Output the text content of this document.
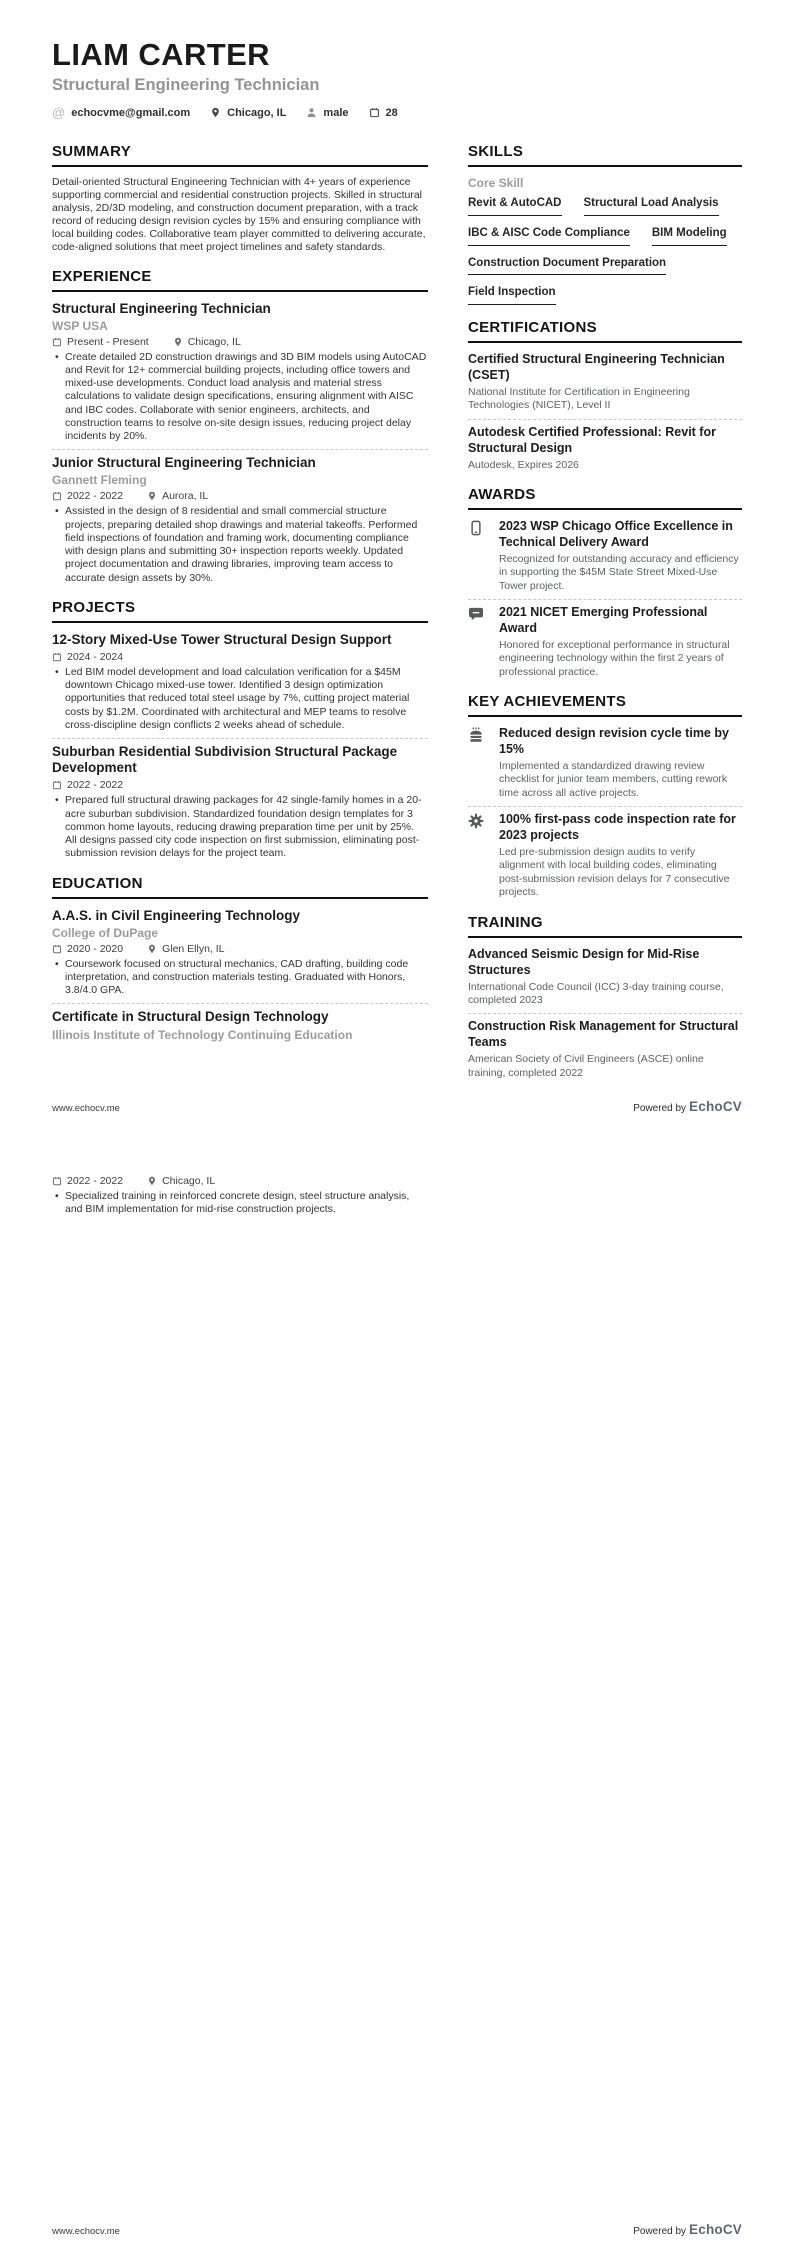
LIAM CARTER
Structural Engineering Technician
@ echocvme@gmail.com	Chicago, IL	male	28
SUMMARY

Detail-oriented Structural Engineering Technician with 4+ years of experience supporting commercial and residential construction projects. Skilled in structural analysis, 2D/3D modeling, and construction document preparation, with a track record of reducing design revision cycles by 15% and ensuring compliance with local building codes. Collaborative team player committed to delivering accurate, code-aligned solutions that meet project timelines and safety standards.

EXPERIENCE
Structural Engineering Technician
WSP USA
Present - Present	Chicago, IL
• Create detailed 2D construction drawings and 3D BIM models using AutoCAD and Revit for 12+ commercial building projects, including office towers and mixed-use developments. Conduct load analysis and material stress calculations to validate design specifications, ensuring alignment with AISC and IBC codes. Collaborate with senior engineers, architects, and construction teams to resolve on-site design issues, reducing project delay incidents by 20%.
Junior Structural Engineering Technician
Gannett Fleming
2022 - 2022	Aurora, IL
• Assisted in the design of 8 residential and small commercial structure projects, preparing detailed shop drawings and material takeoffs. Performed field inspections of foundation and framing work, documenting compliance with design plans and submitting 30+ inspection reports weekly. Updated project documentation and drawing libraries, improving team access to accurate design assets by 30%.
PROJECTS
12-Story Mixed-Use Tower Structural Design Support
2024 - 2024
• Led BIM model development and load calculation verification for a $45M downtown Chicago mixed-use tower. Identified 3 design optimization opportunities that reduced total steel usage by 7%, cutting project material costs by $1.2M. Coordinated with architectural and MEP teams to resolve cross-discipline design conflicts 2 weeks ahead of schedule.
Suburban Residential Subdivision Structural Package Development
2022 - 2022
• Prepared full structural drawing packages for 42 single-family homes in a 20-acre suburban subdivision. Standardized foundation design templates for 3 common home layouts, reducing drawing preparation time per unit by 25%. All designs passed city code inspection on first submission, eliminating post-submission revision delays for the project team.
EDUCATION
A.A.S. in Civil Engineering Technology
College of DuPage
2020 - 2020	Glen Ellyn, IL
• Coursework focused on structural mechanics, CAD drafting, building code interpretation, and construction materials testing. Graduated with Honors, 3.8/4.0 GPA.
Certificate in Structural Design Technology
Illinois Institute of Technology Continuing Education
SKILLS
Core Skill
Revit & AutoCAD Structural Load Analysis
IBC & AISC Code Compliance BIM Modeling
Construction Document Preparation
Field Inspection
CERTIFICATIONS
Certified Structural Engineering Technician (CSET)
National Institute for Certification in Engineering Technologies (NICET), Level II
Autodesk Certified Professional: Revit for Structural Design
Autodesk, Expires 2026
AWARDS
2023 WSP Chicago Office Excellence in Technical Delivery Award
Recognized for outstanding accuracy and efficiency in supporting the $45M State Street Mixed-Use Tower project.
2021 NICET Emerging Professional Award
Honored for exceptional performance in structural engineering technology within the first 2 years of professional practice.
KEY ACHIEVEMENTS
Reduced design revision cycle time by 15%
Implemented a standardized drawing review checklist for junior team members, cutting rework time across all active projects.
100% first-pass code inspection rate for 2023 projects
Led pre-submission design audits to verify alignment with local building codes, eliminating post-submission revision delays for 7 consecutive projects.
TRAINING
Advanced Seismic Design for Mid-Rise Structures
International Code Council (ICC) 3-day training course, completed 2023
Construction Risk Management for Structural Teams
American Society of Civil Engineers (ASCE) online training, completed 2022
www.echocv.me	Powered by EchoCV
2022 - 2022	Chicago, IL
• Specialized training in reinforced concrete design, steel structure analysis, and BIM implementation for mid-rise construction projects.
www.echocv.me	Powered by EchoCV
